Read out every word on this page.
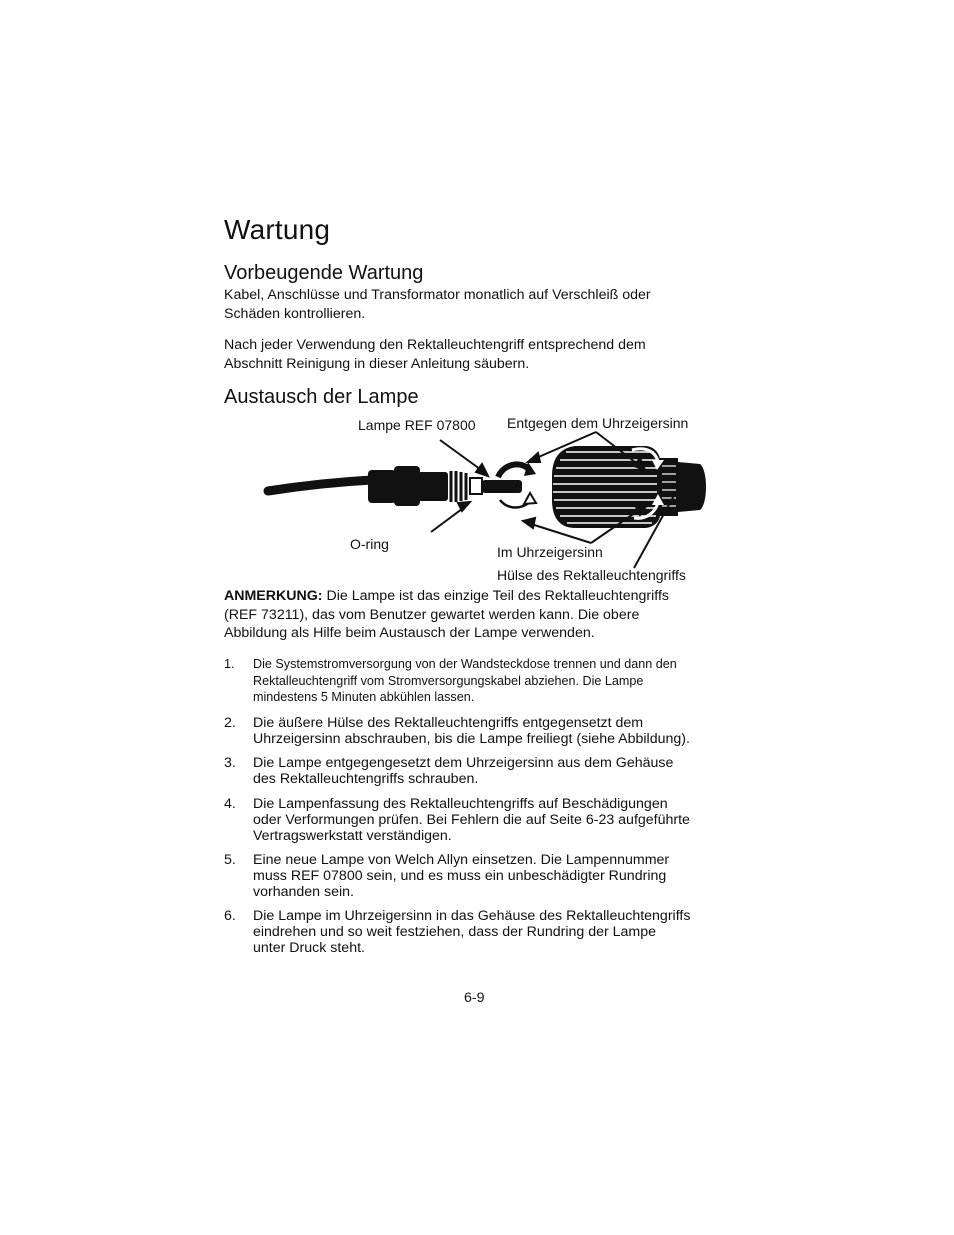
Wartung
Vorbeugende Wartung
Kabel, Anschlüsse und Transformator monatlich auf Verschleiß oder
Schäden kontrollieren.
Nach jeder Verwendung den Rektalleuchtengriff entsprechend dem
Abschnitt Reinigung in dieser Anleitung säubern.
Austausch der Lampe
Lampe REF 07800 Entgegen dem Uhrzeigersinn
O-ring	Im Uhrzeigersinn
Hülse des Rektalleuchtengriffs
ANMERKUNG: Die Lampe ist das einzige Teil des Rektalleuchtengriffs
(REF 73211), das vom Benutzer gewartet werden kann. Die obere
Abbildung als Hilfe beim Austausch der Lampe verwenden.
1.	Die Systemstromversorgung von der Wandsteckdose trennen und dann den
Rektalleuchtengriff vom Stromversorgungskabel abziehen. Die Lampe
mindestens 5 Minuten abkühlen lassen.
2.	Die äußere Hülse des Rektalleuchtengriffs entgegensetzt dem
Uhrzeigersinn abschrauben, bis die Lampe freiliegt (siehe Abbildung).
3.	Die Lampe entgegengesetzt dem Uhrzeigersinn aus dem Gehäuse
des Rektalleuchtengriffs schrauben.
4.	Die Lampenfassung des Rektalleuchtengriffs auf Beschädigungen
oder Verformungen prüfen. Bei Fehlern die auf Seite 6-23 aufgeführte
Vertragswerkstatt verständigen.
5.	Eine neue Lampe von Welch Allyn einsetzen. Die Lampennummer
muss REF 07800 sein, und es muss ein unbeschädigter Rundring
vorhanden sein.
6.	Die Lampe im Uhrzeigersinn in das Gehäuse des Rektalleuchtengriffs
eindrehen und so weit festziehen, dass der Rundring der Lampe
unter Druck steht.
6-9
